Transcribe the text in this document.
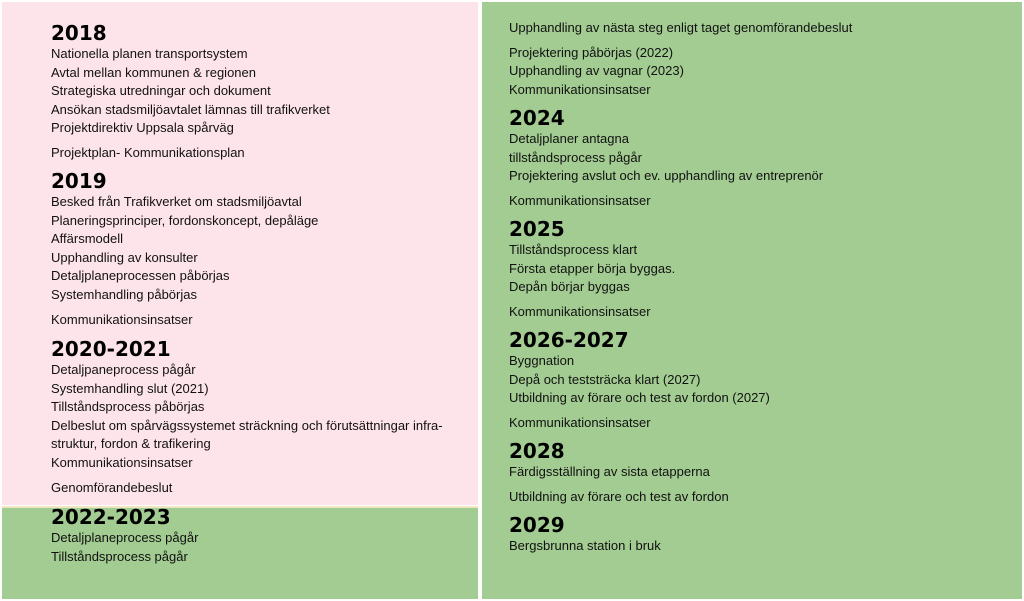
2018
Nationella planen transportsystem
Avtal mellan kommunen & regionen
Strategiska utredningar och dokument
Ansökan stadsmiljöavtalet lämnas till trafikverket
Projektdirektiv Uppsala spårväg
Projektplan- Kommunikationsplan
2019
Besked från Trafikverket om stadsmiljöavtal
Planeringsprinciper, fordonskoncept, depåläge
Affärsmodell
Upphandling av konsulter
Detaljplaneprocessen påbörjas
Systemhandling påbörjas
Kommunikationsinsatser
2020-2021
Detaljpaneprocess pågår
Systemhandling slut (2021)
Tillståndsprocess påbörjas
Delbeslut om spårvägssystemet sträckning och förutsättningar infra-
struktur, fordon & trafikering
Kommunikationsinsatser
Genomförandebeslut
2022-2023
Detaljplaneprocess pågår
Tillståndsprocess pågår
Upphandling av nästa steg enligt taget genomförandebeslut
Projektering påbörjas (2022)
Upphandling av vagnar (2023)
Kommunikationsinsatser
2024
Detaljplaner antagna
tillståndsprocess pågår
Projektering avslut och ev. upphandling av entreprenör
Kommunikationsinsatser
2025
Tillståndsprocess klart
Första etapper börja byggas.
Depån börjar byggas
Kommunikationsinsatser
2026-2027
Byggnation
Depå och teststräcka klart (2027)
Utbildning av förare och test av fordon (2027)
Kommunikationsinsatser
2028
Färdigsställning av sista etapperna
Utbildning av förare och test av fordon
2029
Bergsbrunna station i bruk
